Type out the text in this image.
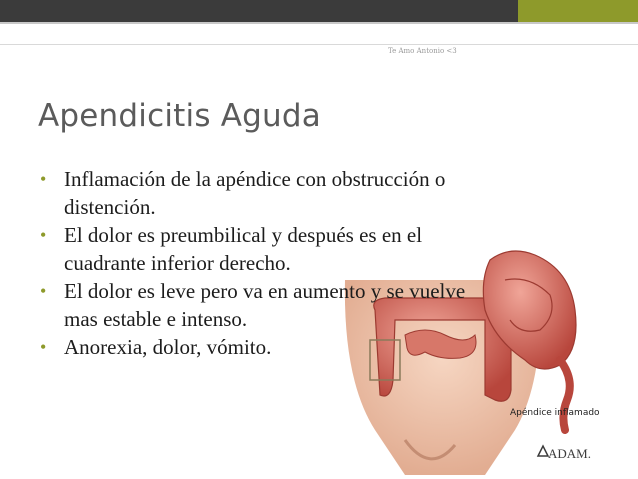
Te Amo Antonio <3
Apendicitis Aguda
• Inflamación de la apéndice con obstrucción o
distención.
• El dolor es preumbilical y después es en el
cuadrante inferior derecho.
• El dolor es leve pero va en aumento y se vuelve
mas estable e intenso.
• Anorexia, dolor, vómito.
Apéndice inflamado
ADAM.
